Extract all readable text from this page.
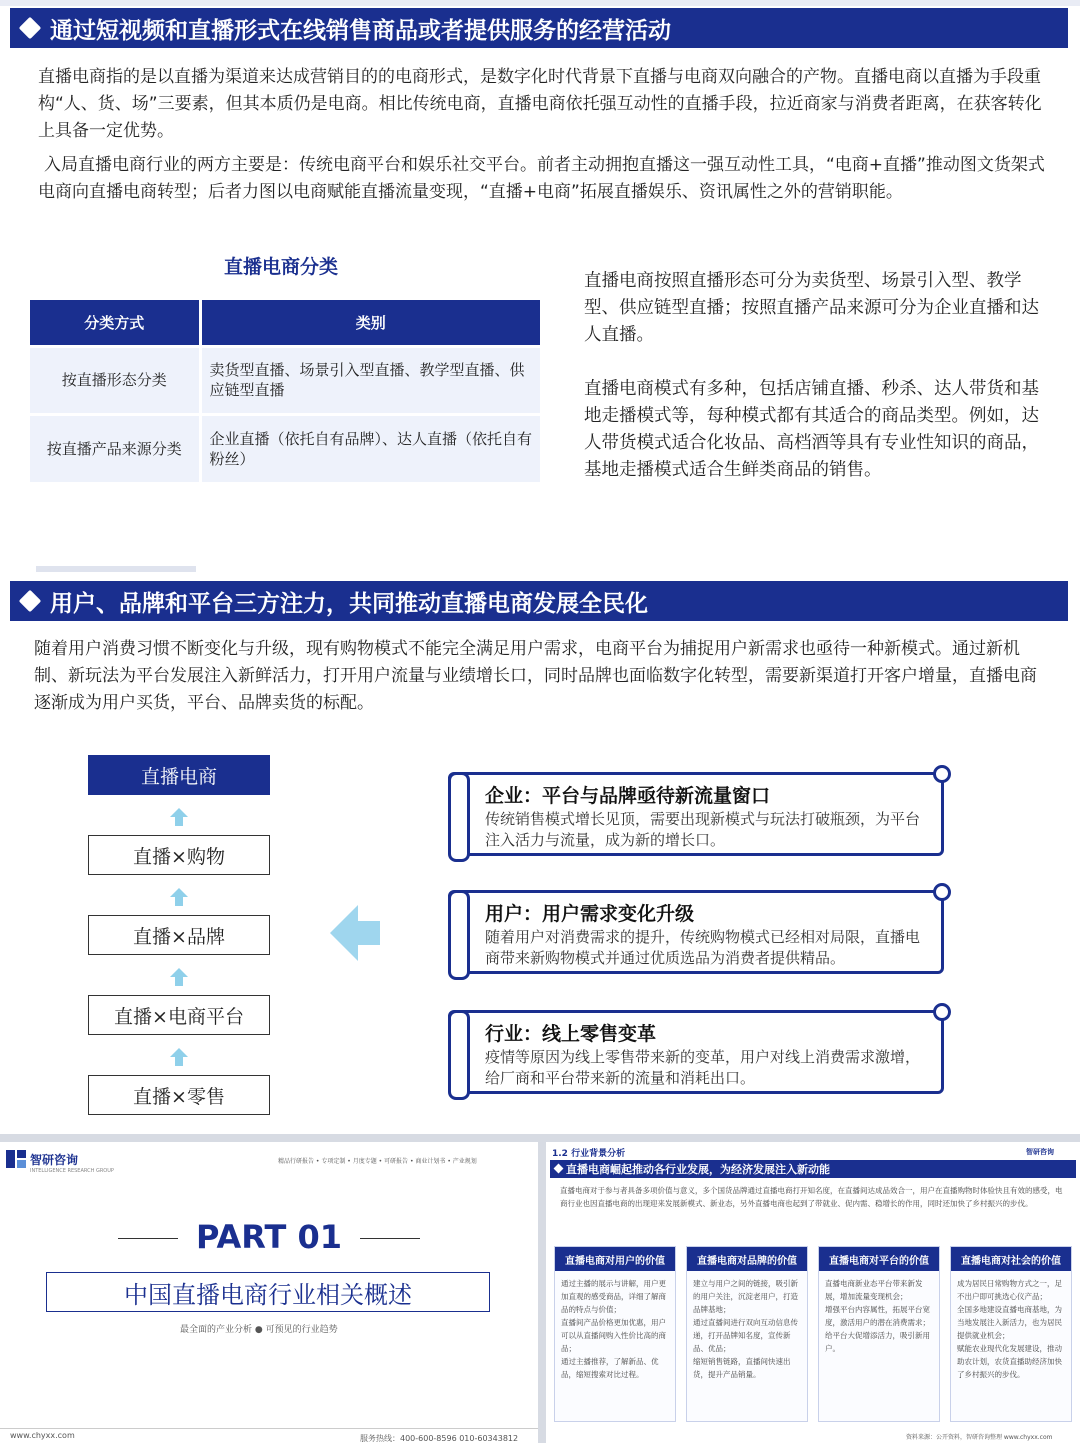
通过短视频和直播形式在线销售商品或者提供服务的经营活动
直播电商指的是以直播为渠道来达成营销目的的电商形式，是数字化时代背景下直播与电商双向融合的产物。直播电商以直播为手段重构“人、货、场”三要素，但其本质仍是电商。相比传统电商，直播电商依托强互动性的直播手段，拉近商家与消费者距离，在获客转化上具备一定优势。
入局直播电商行业的两方主要是：传统电商平台和娱乐社交平台。前者主动拥抱直播这一强互动性工具，“电商+直播”推动图文货架式电商向直播电商转型；后者力图以电商赋能直播流量变现，“直播+电商”拓展直播娱乐、资讯属性之外的营销职能。
直播电商分类
分类方式	类别
按直播形态分类	卖货型直播、场景引入型直播、教学型直播、供应链型直播
按直播产品来源分类	企业直播（依托自有品牌）、达人直播（依托自有粉丝）
直播电商按照直播形态可分为卖货型、场景引入型、教学型、供应链型直播；按照直播产品来源可分为企业直播和达人直播。
直播电商模式有多种，包括店铺直播、秒杀、达人带货和基地走播模式等，每种模式都有其适合的商品类型。例如，达人带货模式适合化妆品、高档酒等具有专业性知识的商品，基地走播模式适合生鲜类商品的销售。
用户、品牌和平台三方注力，共同推动直播电商发展全民化
随着用户消费习惯不断变化与升级，现有购物模式不能完全满足用户需求，电商平台为捕捉用户新需求也亟待一种新模式。通过新机制、新玩法为平台发展注入新鲜活力，打开用户流量与业绩增长口，同时品牌也面临数字化转型，需要新渠道打开客户增量，直播电商逐渐成为用户买货，平台、品牌卖货的标配。
直播电商
直播×购物
直播×品牌
直播×电商平台
直播×零售
企业：平台与品牌亟待新流量窗口
传统销售模式增长见顶，需要出现新模式与玩法打破瓶颈，为平台注入活力与流量，成为新的增长口。
用户：用户需求变化升级
随着用户对消费需求的提升，传统购物模式已经相对局限，直播电商带来新购物模式并通过优质选品为消费者提供精品。
行业：线上零售变革
疫情等原因为线上零售带来新的变革，用户对线上消费需求激增，给厂商和平台带来新的流量和消耗出口。
智研咨询
INTELLIGENCE RESEARCH GROUP
精品行研报告 • 专项定制 • 月度专题 • 可研报告 • 商业计划书 • 产业规划
PART 01
中国直播电商行业相关概述
最全面的产业分析 ● 可预见的行业趋势
www.chyxx.com	服务热线：400-600-8596 010-60343812
1.2 行业背景分析	智研咨询
直播电商崛起推动各行业发展，为经济发展注入新动能
直播电商对于参与者具备多项价值与意义，多个国货品牌通过直播电商打开知名度，在直播间达成品效合一，用户在直播购物时体验快且有效的感受，电商行业也因直播电商的出现迎来发展新模式、新业态，另外直播电商也起到了带就业、促内需、稳增长的作用，同时还加快了乡村振兴的步伐。
直播电商对用户的价值
通过主播的展示与讲解，用户更加直观的感受商品，详细了解商品的特点与价值；
直播间产品价格更加优惠，用户可以从直播间购入性价比高的商品；
通过主播推荐，了解新品、优品，缩短搜索对比过程。
直播电商对品牌的价值
建立与用户之间的链接，吸引新的用户关注，沉淀老用户，打造品牌基地；
通过直播间进行双向互动信息传递，打开品牌知名度，宣传新品、优品；
缩短销售链路，直播间快速出货，提升产品销量。
直播电商对平台的价值
直播电商新业态平台带来新发展，增加流量变现机会；
增强平台内容属性，拓展平台宽度，激活用户的潜在消费需求；
给平台大促增添活力，吸引新用户。
直播电商对社会的价值
成为居民日常购物方式之一，足不出户即可挑选心仪产品；
全国多地建设直播电商基地，为当地发展注入新活力，也为居民提供就业机会；
赋能农业现代化发展建设，推动助农计划，农货直播助经济加快了乡村振兴的步伐。
资料来源：公开资料，智研咨询整理 www.chyxx.com
